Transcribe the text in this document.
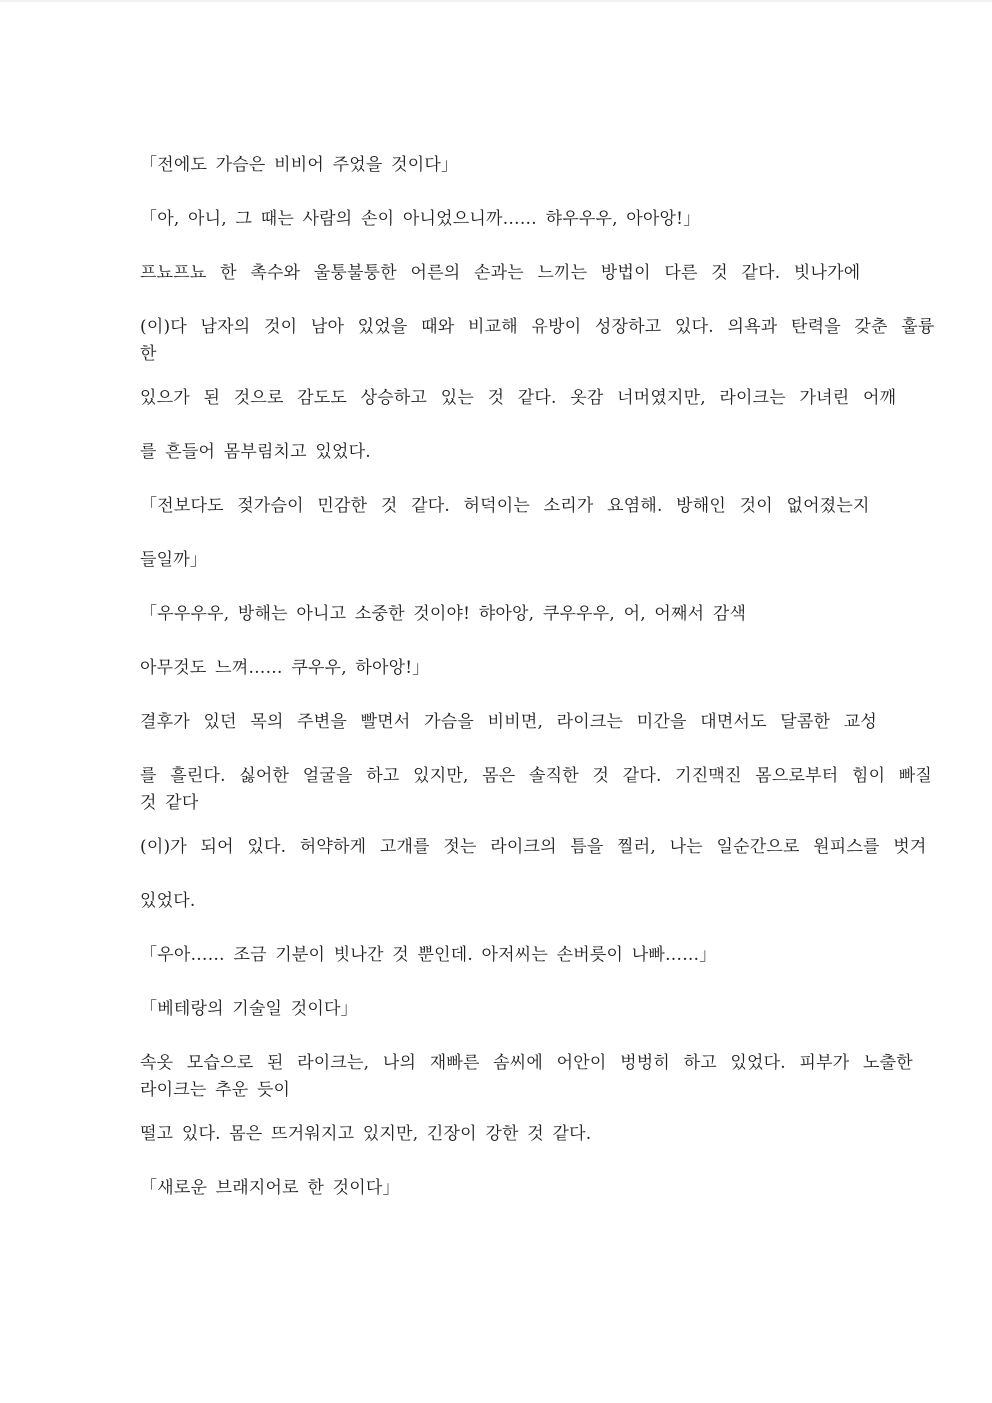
「전에도 가슴은 비비어 주었을 것이다」

「아, 아니, 그 때는 사람의 손이 아니었으니까…… 햐우우우, 아아앙!」

프뇨프뇨 한 촉수와 울퉁불퉁한 어른의 손과는 느끼는 방법이 다른 것 같다. 빗나가에

(이)다 남자의 것이 남아 있었을 때와 비교해 유방이 성장하고 있다. 의욕과 탄력을 갖춘 훌륭
한

있으가 된 것으로 감도도 상승하고 있는 것 같다. 옷감 너머였지만, 라이크는 가녀린 어깨

를 흔들어 몸부림치고 있었다.

「전보다도 젖가슴이 민감한 것 같다. 허덕이는 소리가 요염해. 방해인 것이 없어졌는지

들일까」

「우우우우, 방해는 아니고 소중한 것이야! 햐아앙, 쿠우우우, 어, 어째서 감색

아무것도 느껴…… 쿠우우, 하아앙!」

결후가 있던 목의 주변을 빨면서 가슴을 비비면, 라이크는 미간을 대면서도 달콤한 교성

를 흘린다. 싫어한 얼굴을 하고 있지만, 몸은 솔직한 것 같다. 기진맥진 몸으로부터 힘이 빠질
것 같다

(이)가 되어 있다. 허약하게 고개를 젓는 라이크의 틈을 찔러, 나는 일순간으로 원피스를 벗겨

있었다.

「우아…… 조금 기분이 빗나간 것 뿐인데. 아저씨는 손버릇이 나빠……」

「베테랑의 기술일 것이다」

속옷 모습으로 된 라이크는, 나의 재빠른 솜씨에 어안이 벙벙히 하고 있었다. 피부가 노출한
라이크는 추운 듯이

떨고 있다. 몸은 뜨거워지고 있지만, 긴장이 강한 것 같다.

「새로운 브래지어로 한 것이다」
